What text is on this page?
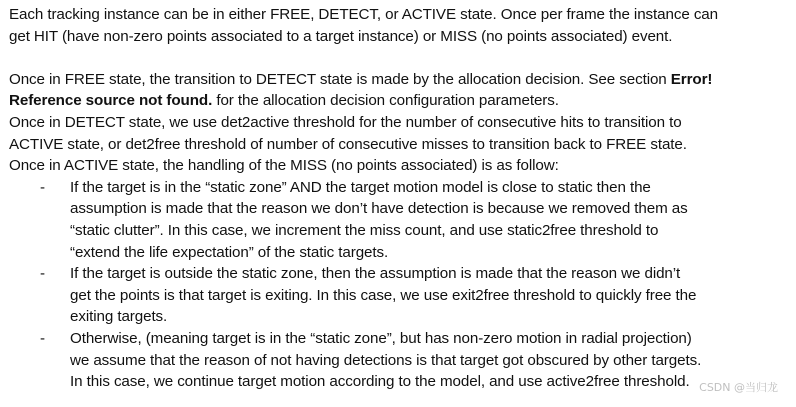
Each tracking instance can be in either FREE, DETECT, or ACTIVE state. Once per frame the instance can
get HIT (have non-zero points associated to a target instance) or MISS (no points associated) event.

Once in FREE state, the transition to DETECT state is made by the allocation decision. See section Error!
Reference source not found. for the allocation decision configuration parameters.

Once in DETECT state, we use det2active threshold for the number of consecutive hits to transition to
ACTIVE state, or det2free threshold of number of consecutive misses to transition back to FREE state.

Once in ACTIVE state, the handling of the MISS (no points associated) is as follow:

- If the target is in the “static zone” AND the target motion model is close to static then the
assumption is made that the reason we don’t have detection is because we removed them as
“static clutter”. In this case, we increment the miss count, and use static2free threshold to
“extend the life expectation” of the static targets.
- If the target is outside the static zone, then the assumption is made that the reason we didn’t
get the points is that target is exiting. In this case, we use exit2free threshold to quickly free the
exiting targets.
- Otherwise, (meaning target is in the “static zone”, but has non-zero motion in radial projection)
we assume that the reason of not having detections is that target got obscured by other targets.
In this case, we continue target motion according to the model, and use active2free threshold. CSDN @当归龙
